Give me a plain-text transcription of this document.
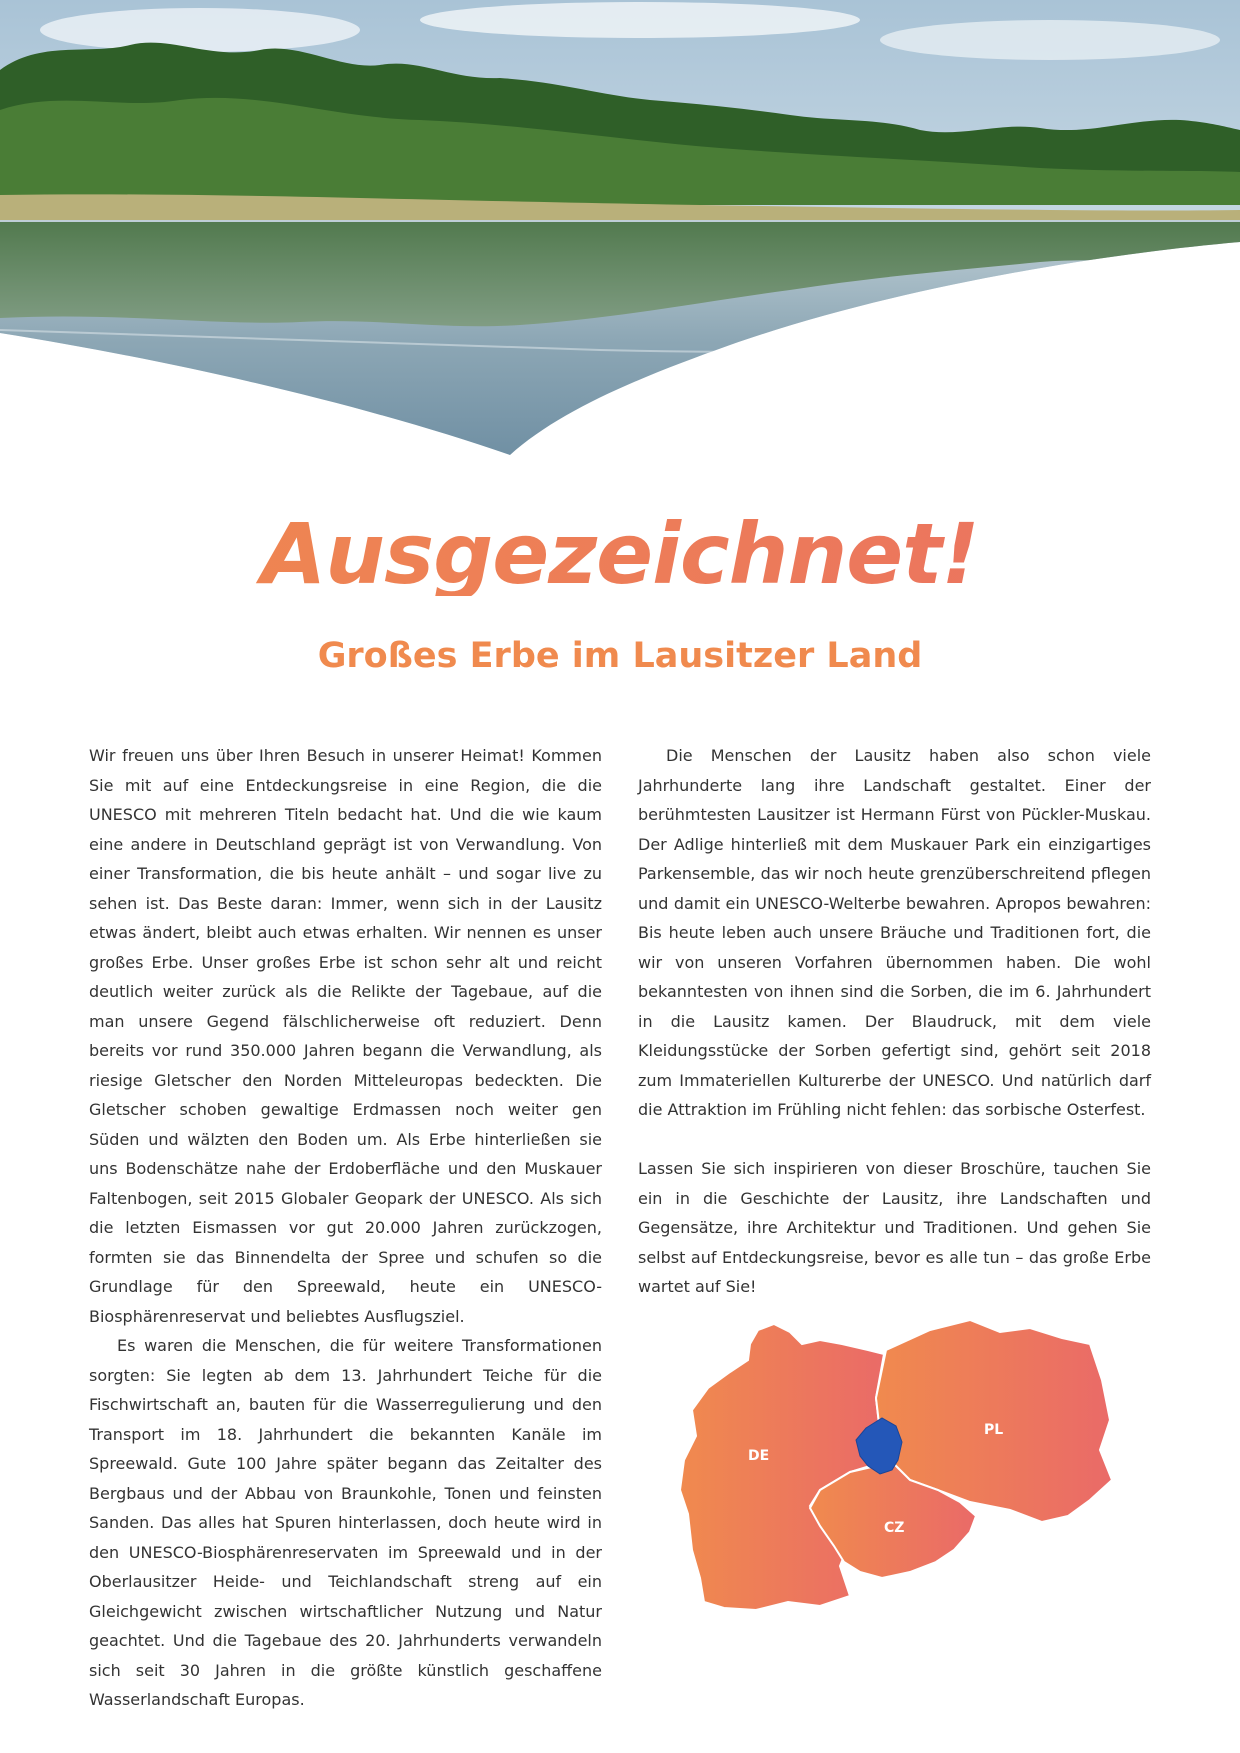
Ausgezeichnet!
Großes Erbe im Lausitzer Land

Wir freuen uns über Ihren Besuch in unserer Heimat! Kommen Sie mit auf eine Entdeckungsreise in eine Region, die die UNESCO mit mehreren Titeln bedacht hat. Und die wie kaum eine andere in Deutschland geprägt ist von Verwandlung. Von einer Transformation, die bis heute anhält – und sogar live zu sehen ist. Das Beste daran: Immer, wenn sich in der Lausitz etwas ändert, bleibt auch etwas erhalten. Wir nennen es unser großes Erbe. Unser großes Erbe ist schon sehr alt und reicht deutlich weiter zurück als die Relikte der Tagebaue, auf die man unsere Gegend fälschlicherweise oft reduziert. Denn bereits vor rund 350.000 Jahren begann die Verwandlung, als riesige Gletscher den Norden Mitteleuropas bedeckten. Die Gletscher schoben gewaltige Erdmassen noch weiter gen Süden und wälzten den Boden um. Als Erbe hinterließen sie uns Bodenschätze nahe der Erdoberfläche und den Muskauer Faltenbogen, seit 2015 Globaler Geopark der UNESCO. Als sich die letzten Eismassen vor gut 20.000 Jahren zurückzogen, formten sie das Binnendelta der Spree und schufen so die Grundlage für den Spreewald, heute ein UNESCO-Biosphärenreservat und beliebtes Ausflugsziel.

Es waren die Menschen, die für weitere Transformationen sorgten: Sie legten ab dem 13. Jahrhundert Teiche für die Fischwirtschaft an, bauten für die Wasserregulierung und den Transport im 18. Jahrhundert die bekannten Kanäle im Spreewald. Gute 100 Jahre später begann das Zeitalter des Bergbaus und der Abbau von Braunkohle, Tonen und feinsten Sanden. Das alles hat Spuren hinterlassen, doch heute wird in den UNESCO-Biosphärenreservaten im Spreewald und in der Oberlausitzer Heide- und Teichlandschaft streng auf ein Gleichgewicht zwischen wirtschaftlicher Nutzung und Natur geachtet. Und die Tagebaue des 20. Jahrhunderts verwandeln sich seit 30 Jahren in die größte künstlich geschaffene Wasserlandschaft Europas.

Die Menschen der Lausitz haben also schon viele Jahrhunderte lang ihre Landschaft gestaltet. Einer der berühmtesten Lausitzer ist Hermann Fürst von Pückler-Muskau. Der Adlige hinterließ mit dem Muskauer Park ein einzigartiges Parkensemble, das wir noch heute grenzüberschreitend pflegen und damit ein UNESCO-Welterbe bewahren. Apropos bewahren: Bis heute leben auch unsere Bräuche und Traditionen fort, die wir von unseren Vorfahren übernommen haben. Die wohl bekanntesten von ihnen sind die Sorben, die im 6. Jahrhundert in die Lausitz kamen. Der Blaudruck, mit dem viele Kleidungsstücke der Sorben gefertigt sind, gehört seit 2018 zum Immateriellen Kulturerbe der UNESCO. Und natürlich darf die Attraktion im Frühling nicht fehlen: das sorbische Osterfest.

Lassen Sie sich inspirieren von dieser Broschüre, tauchen Sie ein in die Geschichte der Lausitz, ihre Landschaften und Gegensätze, ihre Architektur und Traditionen. Und gehen Sie selbst auf Entdeckungsreise, bevor es alle tun – das große Erbe wartet auf Sie!

DE
PL
CZ
